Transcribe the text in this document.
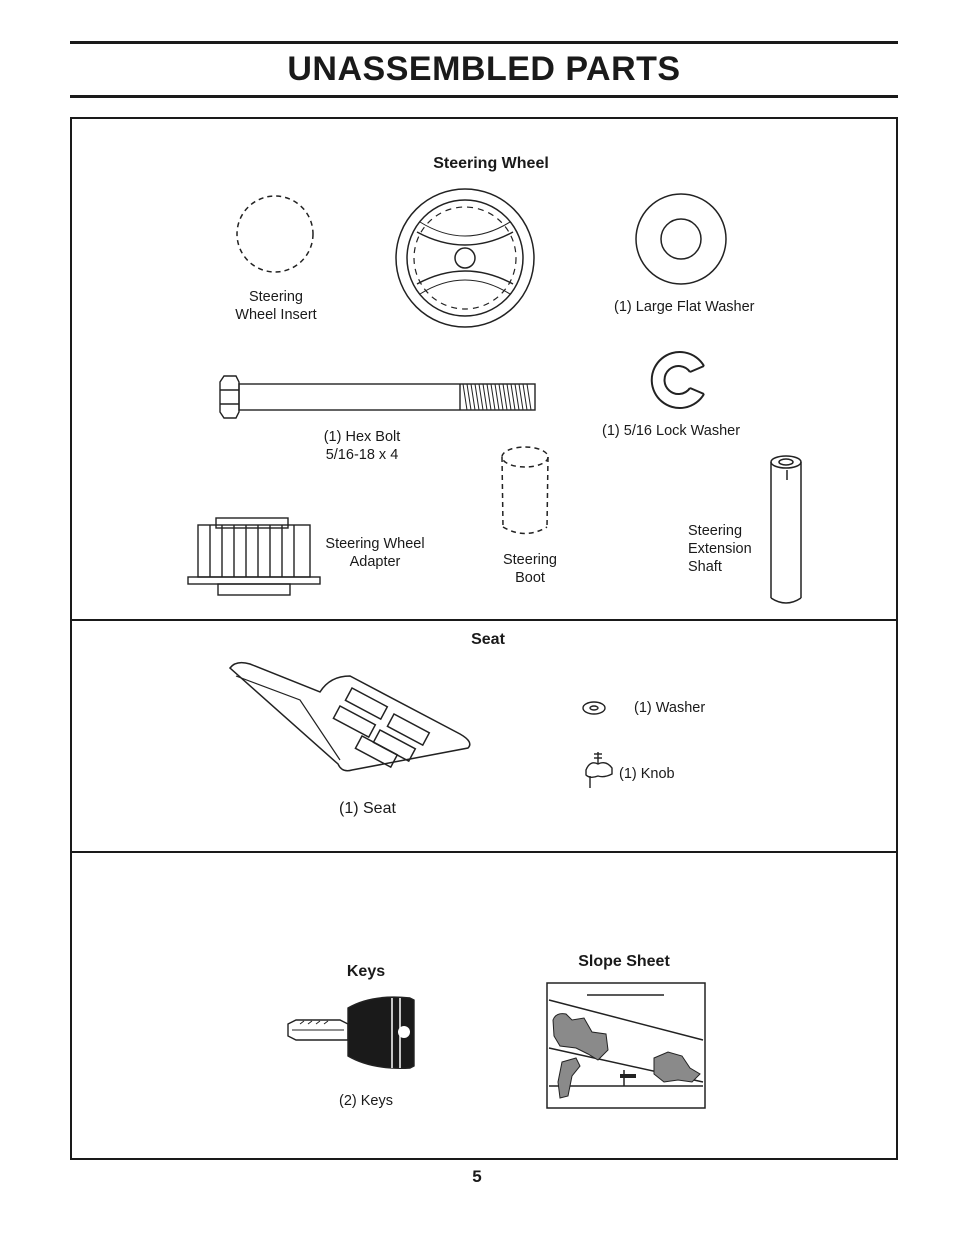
UNASSEMBLED PARTS

Steering Wheel

Steering
Wheel Insert	(1) Large Flat Washer

(1) Hex Bolt
5/16-18 x 4

(1) 5/16 Lock Washer

Steering Wheel
Adapter	Steering
Boot

Steering
Extension
Shaft

Seat

(1) Seat

(1) Washer

(1) Knob

Keys

(2) Keys

Slope Sheet

5
